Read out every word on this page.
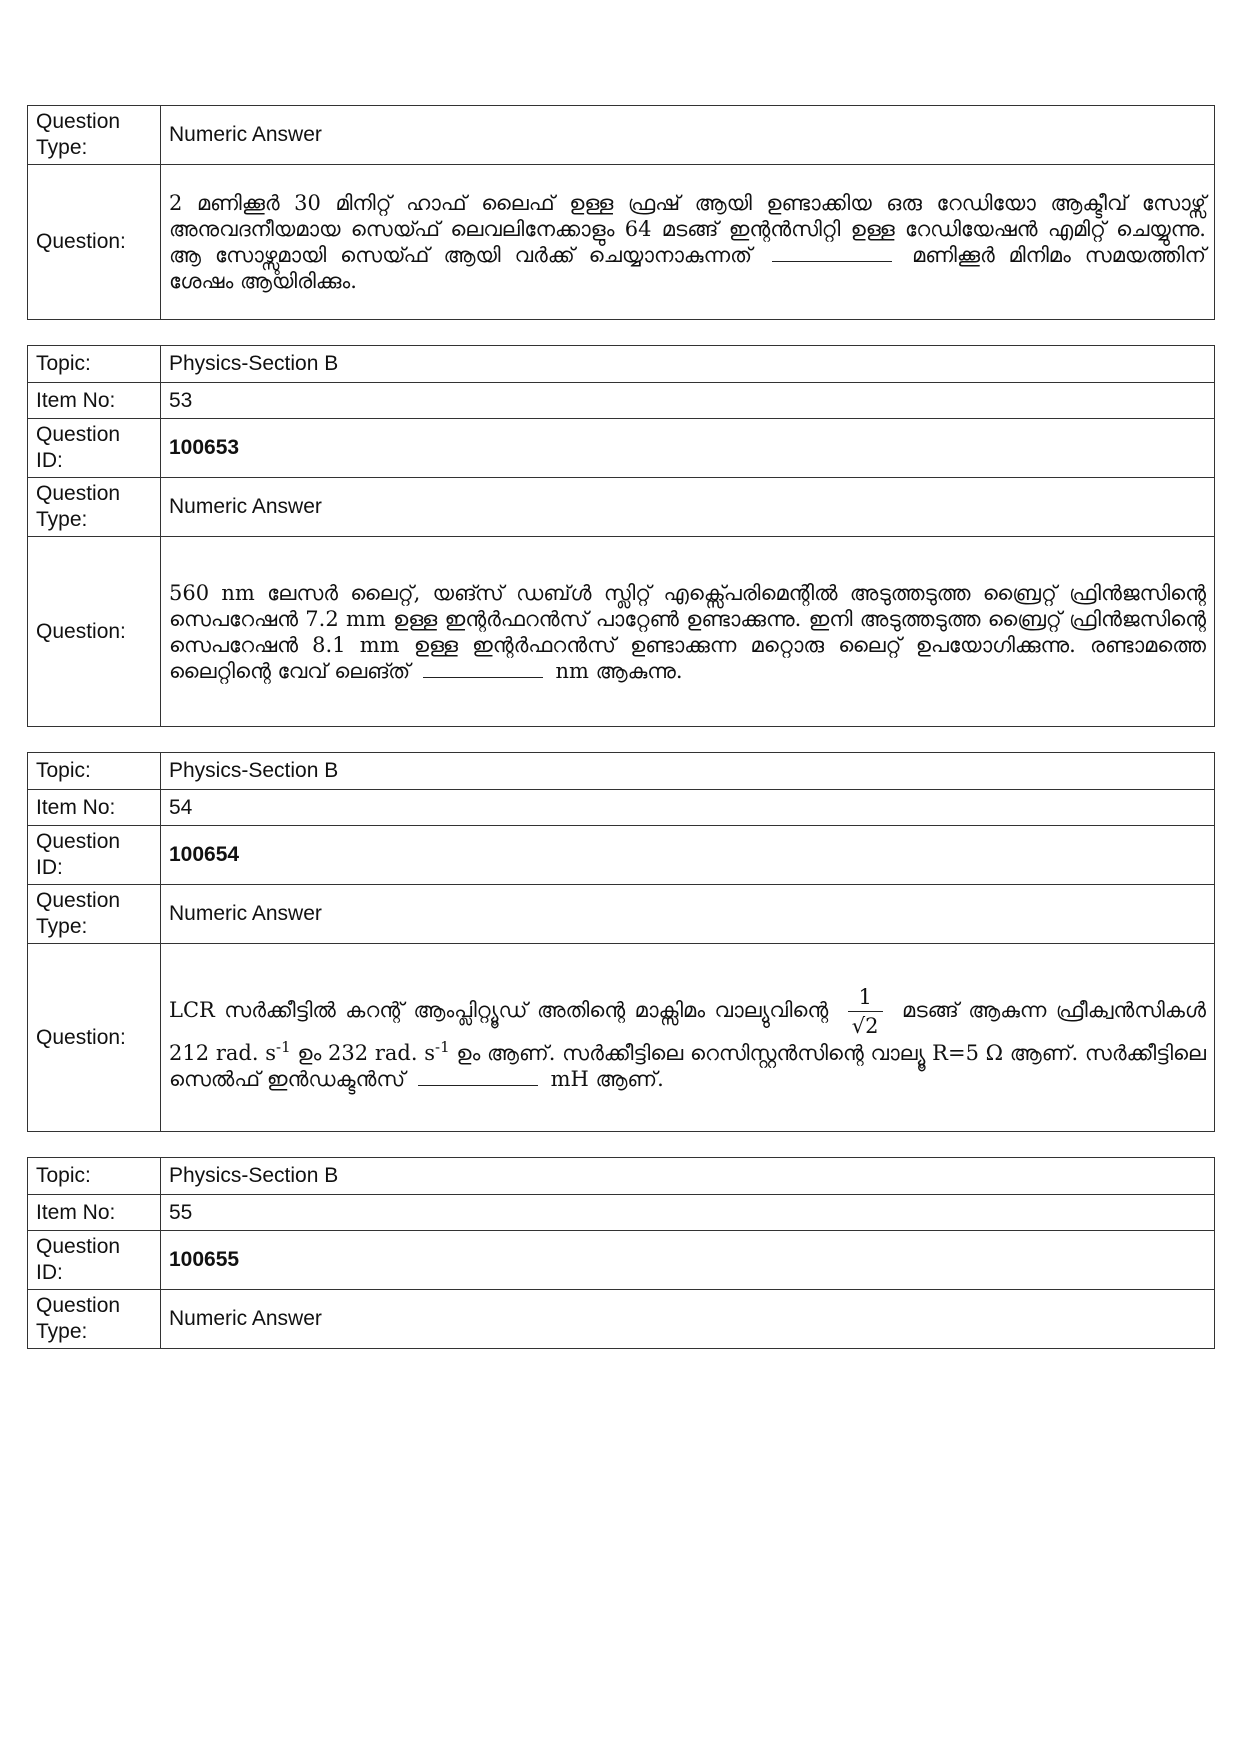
Question Type:	Numeric Answer
Question:	2 മണിക്കൂർ 30 മിനിറ്റ് ഹാഫ് ലൈഫ് ഉള്ള ഫ്രഷ് ആയി ഉണ്ടാക്കിയ ഒരു റേഡിയോ ആക്ടീവ് സോഴ്സ് അനുവദനീയമായ സെയ്ഫ് ലെവലിനേക്കാളും 64 മടങ്ങ് ഇന്റൻസിറ്റി ഉള്ള റേഡിയേഷൻ എമിറ്റ് ചെയ്യുന്നു. ആ സോഴ്സുമായി സെയ്ഫ് ആയി വർക്ക് ചെയ്യാനാകുന്നത് മണിക്കൂർ മിനിമം സമയത്തിന് ശേഷം ആയിരിക്കും.
Topic:	Physics-Section B
Item No:	53
Question ID:	100653
Question Type:	Numeric Answer
Question:	560 nm ലേസർ ലൈറ്റ്, യങ്സ് ഡബ്ൾ സ്ലിറ്റ് എക്സ്പെരിമെന്റിൽ അടുത്തടുത്ത ബ്രൈറ്റ് ഫ്രിൻജസിന്റെ സെപറേഷൻ 7.2 mm ഉള്ള ഇന്റർഫറൻസ് പാറ്റേൺ ഉണ്ടാക്കുന്നു. ഇനി അടുത്തടുത്ത ബ്രൈറ്റ് ഫ്രിൻജസിന്റെ സെപറേഷൻ 8.1 mm ഉള്ള ഇന്റർഫറൻസ് ഉണ്ടാക്കുന്ന മറ്റൊരു ലൈറ്റ് ഉപയോഗിക്കുന്നു. രണ്ടാമത്തെ ലൈറ്റിന്റെ വേവ് ലെങ്ത് nm ആകുന്നു.
Topic:	Physics-Section B
Item No:	54
Question ID:	100654
Question Type:	Numeric Answer
Question:	LCR സർക്കീട്ടിൽ കറന്റ് ആംപ്ലിറ്റ്യൂഡ് അതിന്റെ മാക്സിമം വാല്യുവിന്റെ $\frac{1}{√2}$ മടങ്ങ് ആകുന്ന ഫ്രീക്വൻസികൾ 212 rad. $s^{-1}$ ഉം 232 rad. $s^{-1}$ ഉം ആണ്. സർക്കീട്ടിലെ റെസിസ്റ്റൻസിന്റെ വാല്യൂ R=5 Ω ആണ്. സർക്കീട്ടിലെ സെൽഫ് ഇൻഡക്ടൻസ് mH ആണ്.
Topic:	Physics-Section B
Item No:	55
Question ID:	100655
Question Type:	Numeric Answer
